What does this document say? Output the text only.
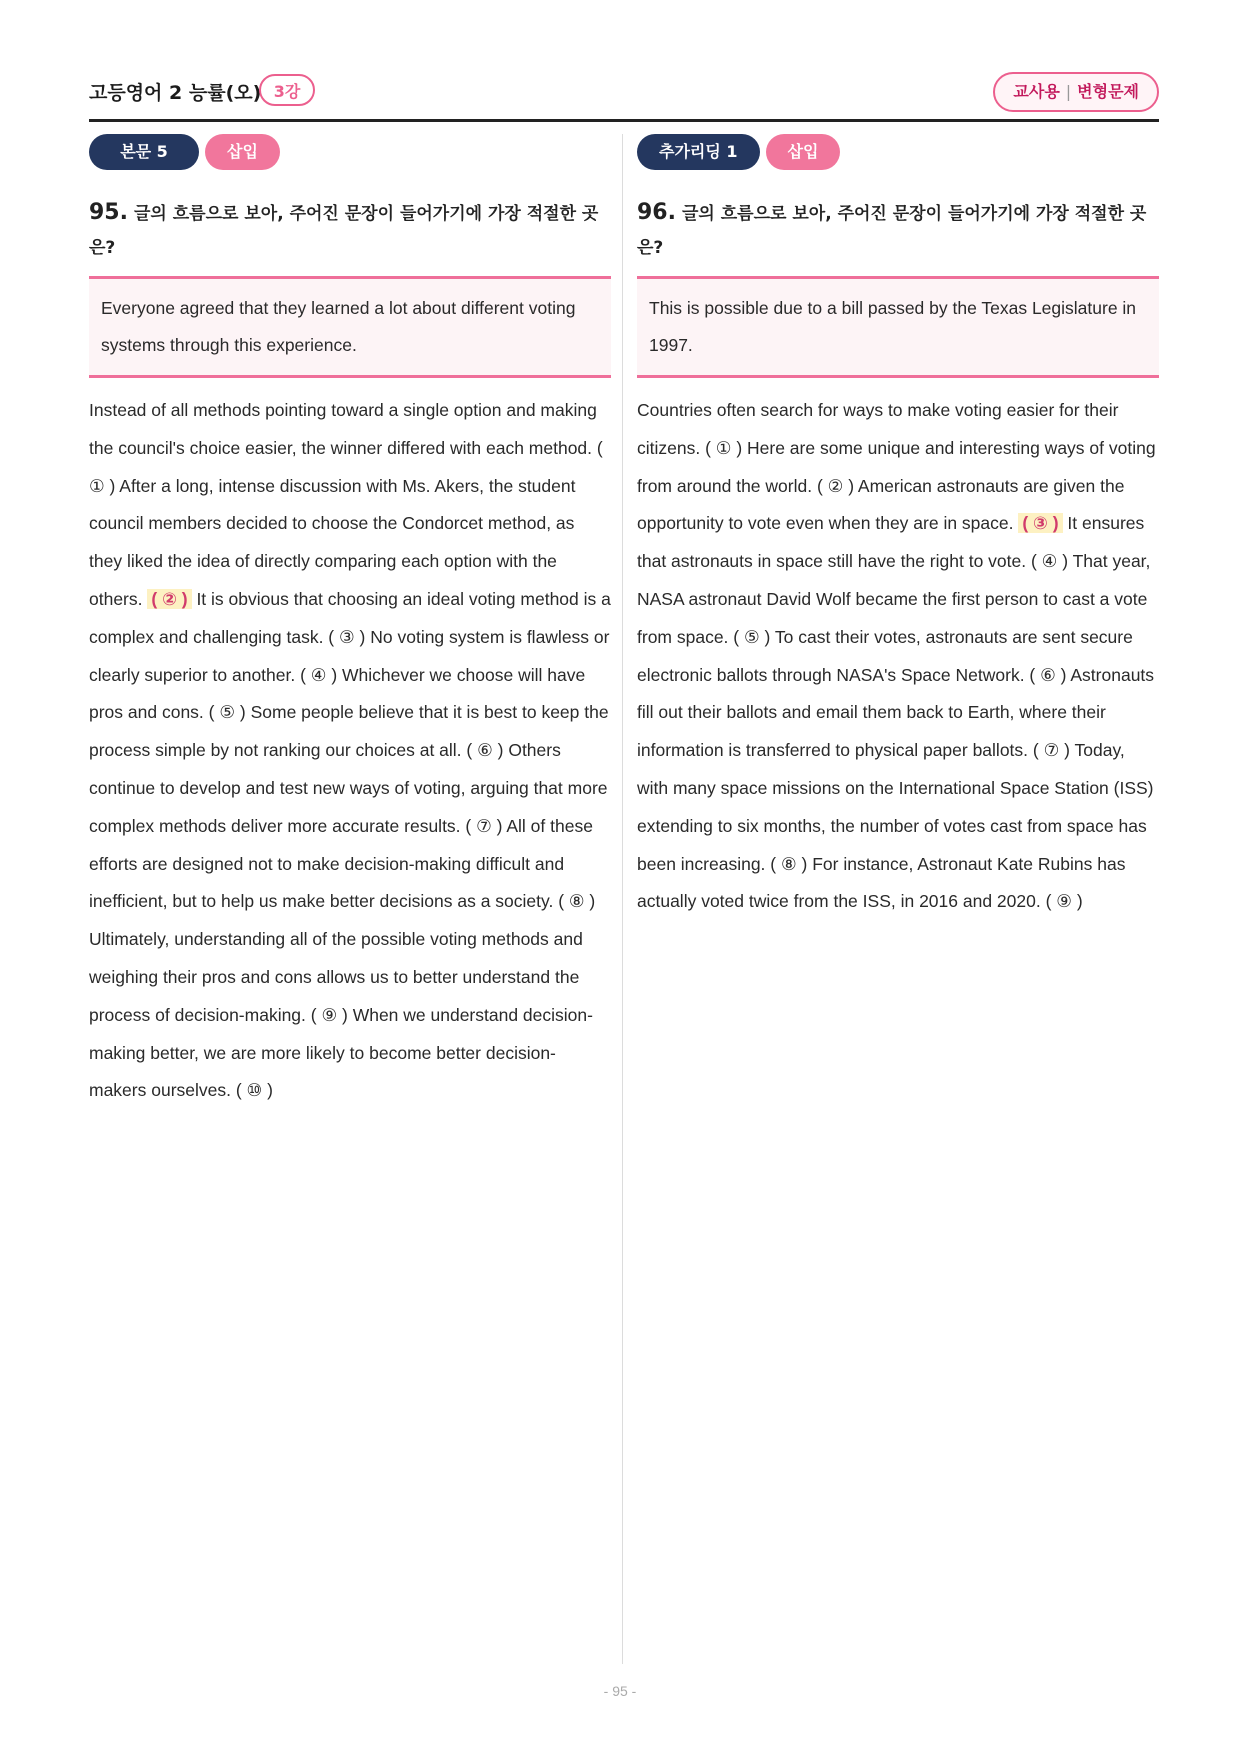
고등영어 2 능률(오) 3강	교사용 | 변형문제
본문 5	삽입
95. 글의 흐름으로 보아, 주어진 문장이 들어가기에 가장 적절한 곳은?
Everyone agreed that they learned a lot about different voting systems through this experience.
Instead of all methods pointing toward a single option and making the council's choice easier, the winner differed with each method. ( ① ) After a long, intense discussion with Ms. Akers, the student council members decided to choose the Condorcet method, as they liked the idea of directly comparing each option with the others. ( ② ) It is obvious that choosing an ideal voting method is a complex and challenging task. ( ③ ) No voting system is flawless or clearly superior to another. ( ④ ) Whichever we choose will have pros and cons. ( ⑤ ) Some people believe that it is best to keep the process simple by not ranking our choices at all. ( ⑥ ) Others continue to develop and test new ways of voting, arguing that more complex methods deliver more accurate results. ( ⑦ ) All of these efforts are designed not to make decision-making difficult and inefficient, but to help us make better decisions as a society. ( ⑧ ) Ultimately, understanding all of the possible voting methods and weighing their pros and cons allows us to better understand the process of decision-making. ( ⑨ ) When we understand decision-making better, we are more likely to become better decision-makers ourselves. ( ⑩ )
추가리딩 1	삽입
96. 글의 흐름으로 보아, 주어진 문장이 들어가기에 가장 적절한 곳은?
This is possible due to a bill passed by the Texas Legislature in 1997.
Countries often search for ways to make voting easier for their citizens. ( ① ) Here are some unique and interesting ways of voting from around the world. ( ② ) American astronauts are given the opportunity to vote even when they are in space. ( ③ ) It ensures that astronauts in space still have the right to vote. ( ④ ) That year, NASA astronaut David Wolf became the first person to cast a vote from space. ( ⑤ ) To cast their votes, astronauts are sent secure electronic ballots through NASA's Space Network. ( ⑥ ) Astronauts fill out their ballots and email them back to Earth, where their information is transferred to physical paper ballots. ( ⑦ ) Today, with many space missions on the International Space Station (ISS) extending to six months, the number of votes cast from space has been increasing. ( ⑧ ) For instance, Astronaut Kate Rubins has actually voted twice from the ISS, in 2016 and 2020. ( ⑨ )
- 95 -
